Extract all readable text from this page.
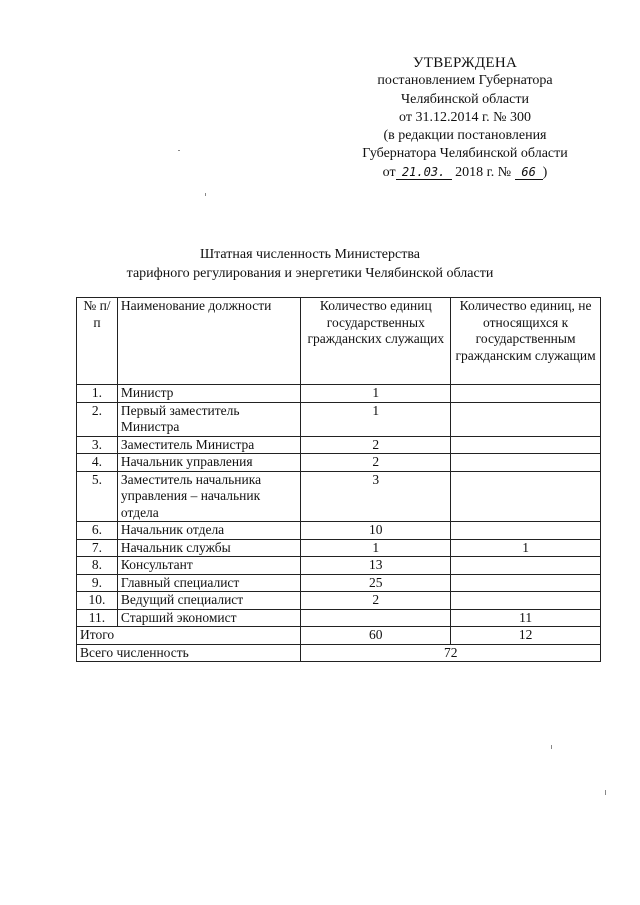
УТВЕРЖДЕНА
постановлением Губернатора
Челябинской области
от 31.12.2014 г. № 300
(в редакции постановления
Губернатора Челябинской области
от 21.03. 2018 г. № 66 )
Штатная численность Министерства
тарифного регулирования и энергетики Челябинской области
№ п/п	Наименование должности	Количество единиц государственных гражданских служащих	Количество единиц, не относящихся к государственным гражданским служащим
1.	Министр	1	
2.	Первый заместитель Министра	1	
3.	Заместитель Министра	2	
4.	Начальник управления	2	
5.	Заместитель начальника управления – начальник отдела	3	
6.	Начальник отдела	10	
7.	Начальник службы	1	1
8.	Консультант	13	
9.	Главный специалист	25	
10.	Ведущий специалист	2	
11.	Старший экономист		11
Итого		60	12
Всего численность		72	
